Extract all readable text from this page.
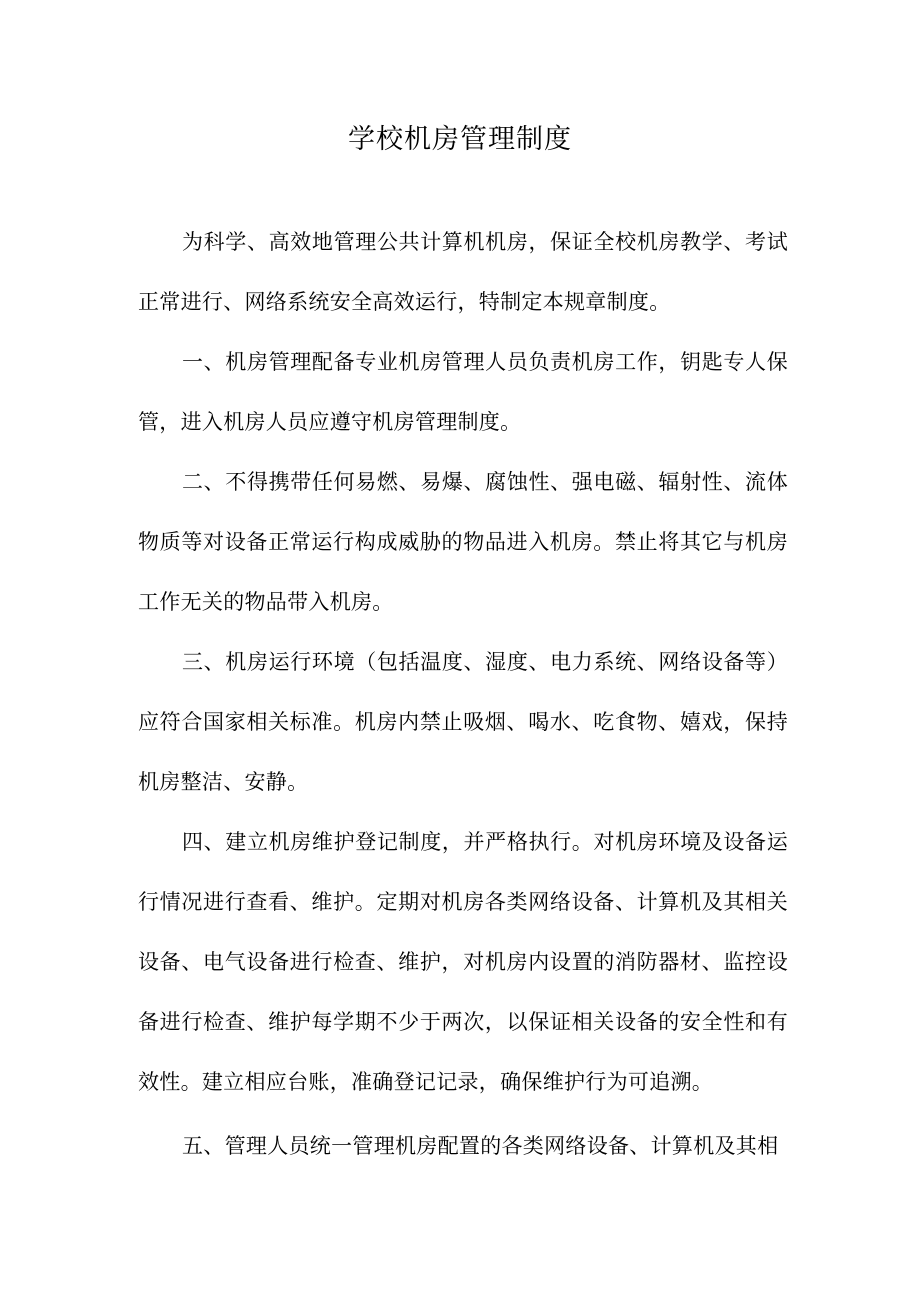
学校机房管理制度

为科学、高效地管理公共计算机机房，保证全校机房教学、考试正常进行、网络系统安全高效运行，特制定本规章制度。

一、机房管理配备专业机房管理人员负责机房工作，钥匙专人保管，进入机房人员应遵守机房管理制度。

二、不得携带任何易燃、易爆、腐蚀性、强电磁、辐射性、流体物质等对设备正常运行构成威胁的物品进入机房。禁止将其它与机房工作无关的物品带入机房。

三、机房运行环境（包括温度、湿度、电力系统、网络设备等）应符合国家相关标准。机房内禁止吸烟、喝水、吃食物、嬉戏，保持机房整洁、安静。

四、建立机房维护登记制度，并严格执行。对机房环境及设备运行情况进行查看、维护。定期对机房各类网络设备、计算机及其相关设备、电气设备进行检查、维护，对机房内设置的消防器材、监控设备进行检查、维护每学期不少于两次，以保证相关设备的安全性和有效性。建立相应台账，准确登记记录，确保维护行为可追溯。

五、管理人员统一管理机房配置的各类网络设备、计算机及其相
